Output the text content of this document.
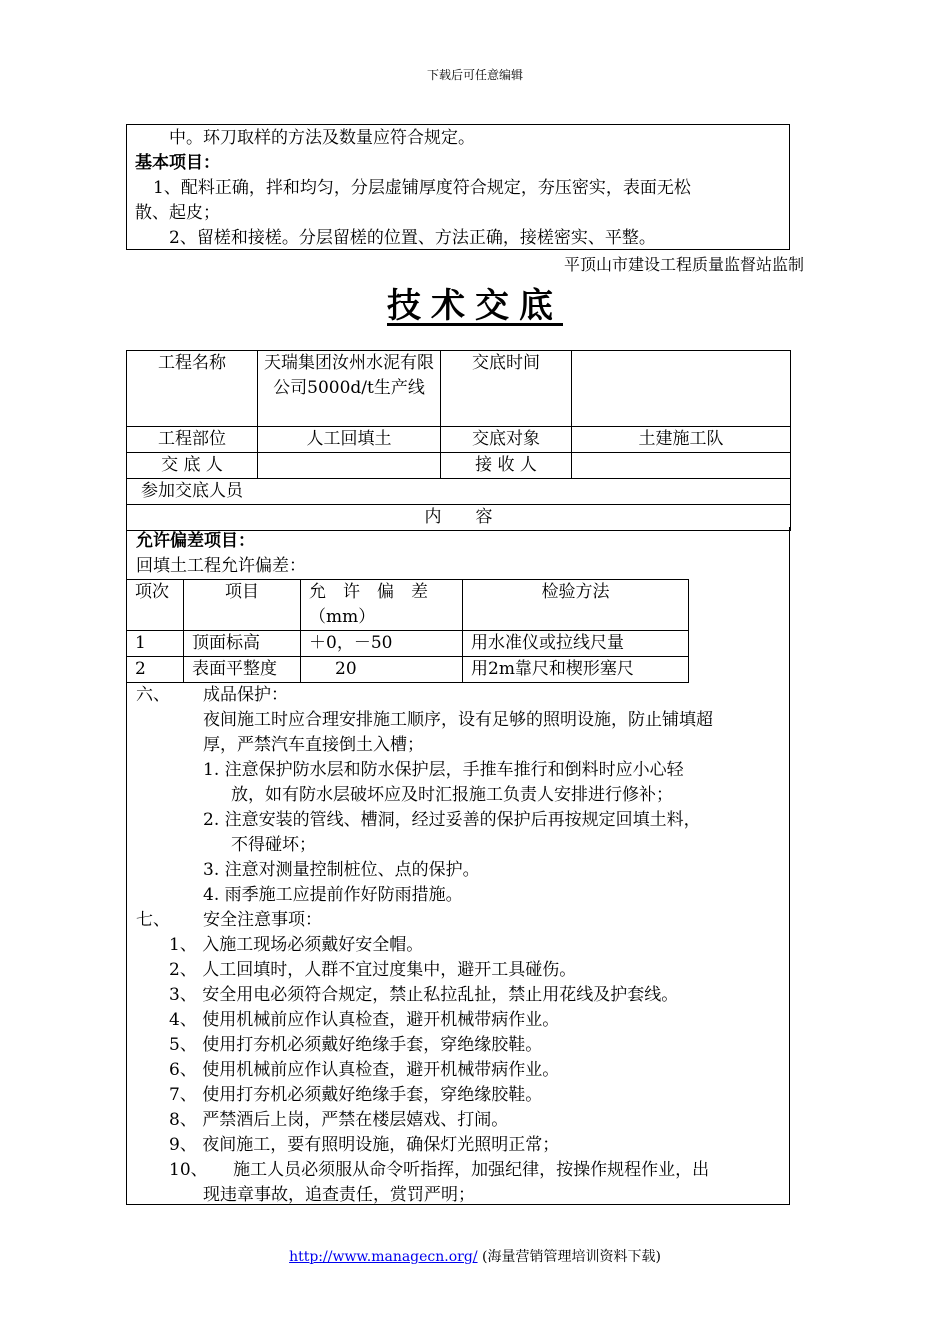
下载后可任意编辑
中。环刀取样的方法及数量应符合规定。
基本项目：
1、配料正确，拌和均匀，分层虚铺厚度符合规定，夯压密实，表面无松
散、起皮；
2、留槎和接槎。分层留槎的位置、方法正确，接槎密实、平整。
平顶山市建设工程质量监督站监制
技术交底
工程名称	天瑞集团汝州水泥有限公司5000d/t生产线	交底时间	
工程部位	人工回填土	交底对象	土建施工队
交 底 人		接 收 人	
参加交底人员			
内　　容			
允许偏差项目：
回填土工程允许偏差：
项次	项目	允　许　偏　差（mm）	检验方法
1	顶面标高	＋0，－50	用水准仪或拉线尺量
2	表面平整度	20	用2m靠尺和楔形塞尺
六、 成品保护：
夜间施工时应合理安排施工顺序，设有足够的照明设施，防止铺填超
厚，严禁汽车直接倒土入槽；
1. 注意保护防水层和防水保护层，手推车推行和倒料时应小心轻
放，如有防水层破坏应及时汇报施工负责人安排进行修补；
2. 注意安装的管线、槽洞，经过妥善的保护后再按规定回填土料，
不得碰坏；
3. 注意对测量控制桩位、点的保护。
4. 雨季施工应提前作好防雨措施。
七、 安全注意事项：
1、 入施工现场必须戴好安全帽。
2、 人工回填时，人群不宜过度集中，避开工具碰伤。
3、 安全用电必须符合规定，禁止私拉乱扯，禁止用花线及护套线。
4、 使用机械前应作认真检查，避开机械带病作业。
5、 使用打夯机必须戴好绝缘手套，穿绝缘胶鞋。
6、 使用机械前应作认真检查，避开机械带病作业。
7、 使用打夯机必须戴好绝缘手套，穿绝缘胶鞋。
8、 严禁酒后上岗，严禁在楼层嬉戏、打闹。
9、 夜间施工，要有照明设施，确保灯光照明正常；
10、　　施工人员必须服从命令听指挥，加强纪律，按操作规程作业，出
现违章事故，追查责任，赏罚严明；
http://www.managecn.org/ (海量营销管理培训资料下载)
